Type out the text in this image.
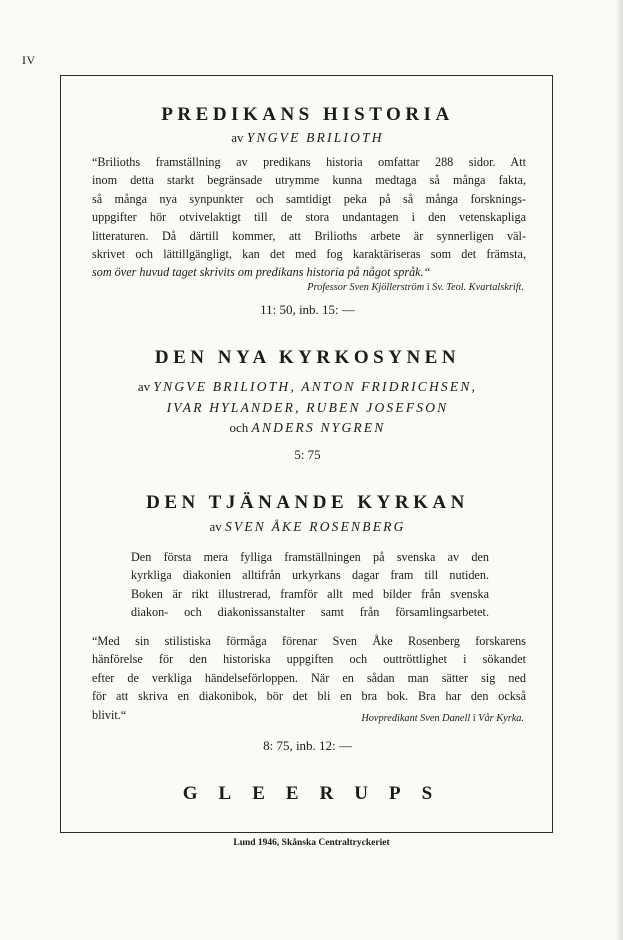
IV
PREDIKANS HISTORIA
av YNGVE BRILIOTH
“Brilioths framställning av predikans historia omfattar 288 sidor. Att
inom detta starkt begränsade utrymme kunna medtaga så många fakta,
så många nya synpunkter och samtidigt peka på så många forsknings-
uppgifter hör otvivelaktigt till de stora undantagen i den vetenskapliga
litteraturen. Då därtill kommer, att Brilioths arbete är synnerligen väl-
skrivet och lättillgängligt, kan det med fog karaktäriseras som det främsta,
som över huvud taget skrivits om predikans historia på något språk.“
Professor Sven Kjöllerström i Sv. Teol. Kvartalskrift.
11: 50, inb. 15: —
DEN NYA KYRKOSYNEN
av YNGVE BRILIOTH, ANTON FRIDRICHSEN,
IVAR HYLANDER, RUBEN JOSEFSON
och ANDERS NYGREN
5: 75
DEN TJÄNANDE KYRKAN
av SVEN ÅKE ROSENBERG
Den första mera fylliga framställningen på svenska av den
kyrkliga diakonien alltifrån urkyrkans dagar fram till nutiden.
Boken är rikt illustrerad, framför allt med bilder från svenska
diakon- och diakonissanstalter samt från församlingsarbetet.
“Med sin stilistiska förmåga förenar Sven Åke Rosenberg forskarens
hänförelse för den historiska uppgiften och outtröttlighet i sökandet
efter de verkliga händelseförloppen. När en sådan man sätter sig ned
för att skriva en diakonibok, bör det bli en bra bok. Bra har den också
blivit.“	Hovpredikant Sven Danell i Vår Kyrka.
8: 75, inb. 12: —
GLEERUPS
Lund 1946, Skånska Centraltryckeriet
